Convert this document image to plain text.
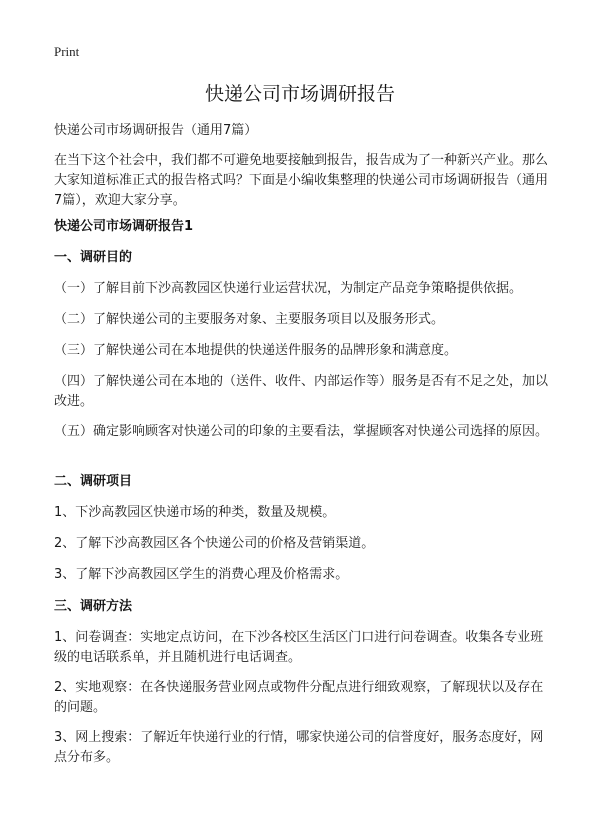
Print
快递公司市场调研报告

快递公司市场调研报告（通用7篇）

在当下这个社会中，我们都不可避免地要接触到报告，报告成为了一种新兴产业。那么大家知道标准正式的报告格式吗？下面是小编收集整理的快递公司市场调研报告（通用7篇），欢迎大家分享。

快递公司市场调研报告1

一、调研目的

（一）了解目前下沙高教园区快递行业运营状况，为制定产品竞争策略提供依据。

（二）了解快递公司的主要服务对象、主要服务项目以及服务形式。

（三）了解快递公司在本地提供的快递送件服务的品牌形象和满意度。

（四）了解快递公司在本地的（送件、收件、内部运作等）服务是否有不足之处，加以改进。

（五）确定影响顾客对快递公司的印象的主要看法，掌握顾客对快递公司选择的原因。

二、调研项目

1、下沙高教园区快递市场的种类，数量及规模。

2、了解下沙高教园区各个快递公司的价格及营销渠道。

3、了解下沙高教园区学生的消费心理及价格需求。

三、调研方法

1、问卷调查：实地定点访问，在下沙各校区生活区门口进行问卷调查。收集各专业班级的电话联系单，并且随机进行电话调查。

2、实地观察：在各快递服务营业网点或物件分配点进行细致观察，了解现状以及存在的问题。

3、网上搜索：了解近年快递行业的行情，哪家快递公司的信誉度好，服务态度好，网点分布多。
